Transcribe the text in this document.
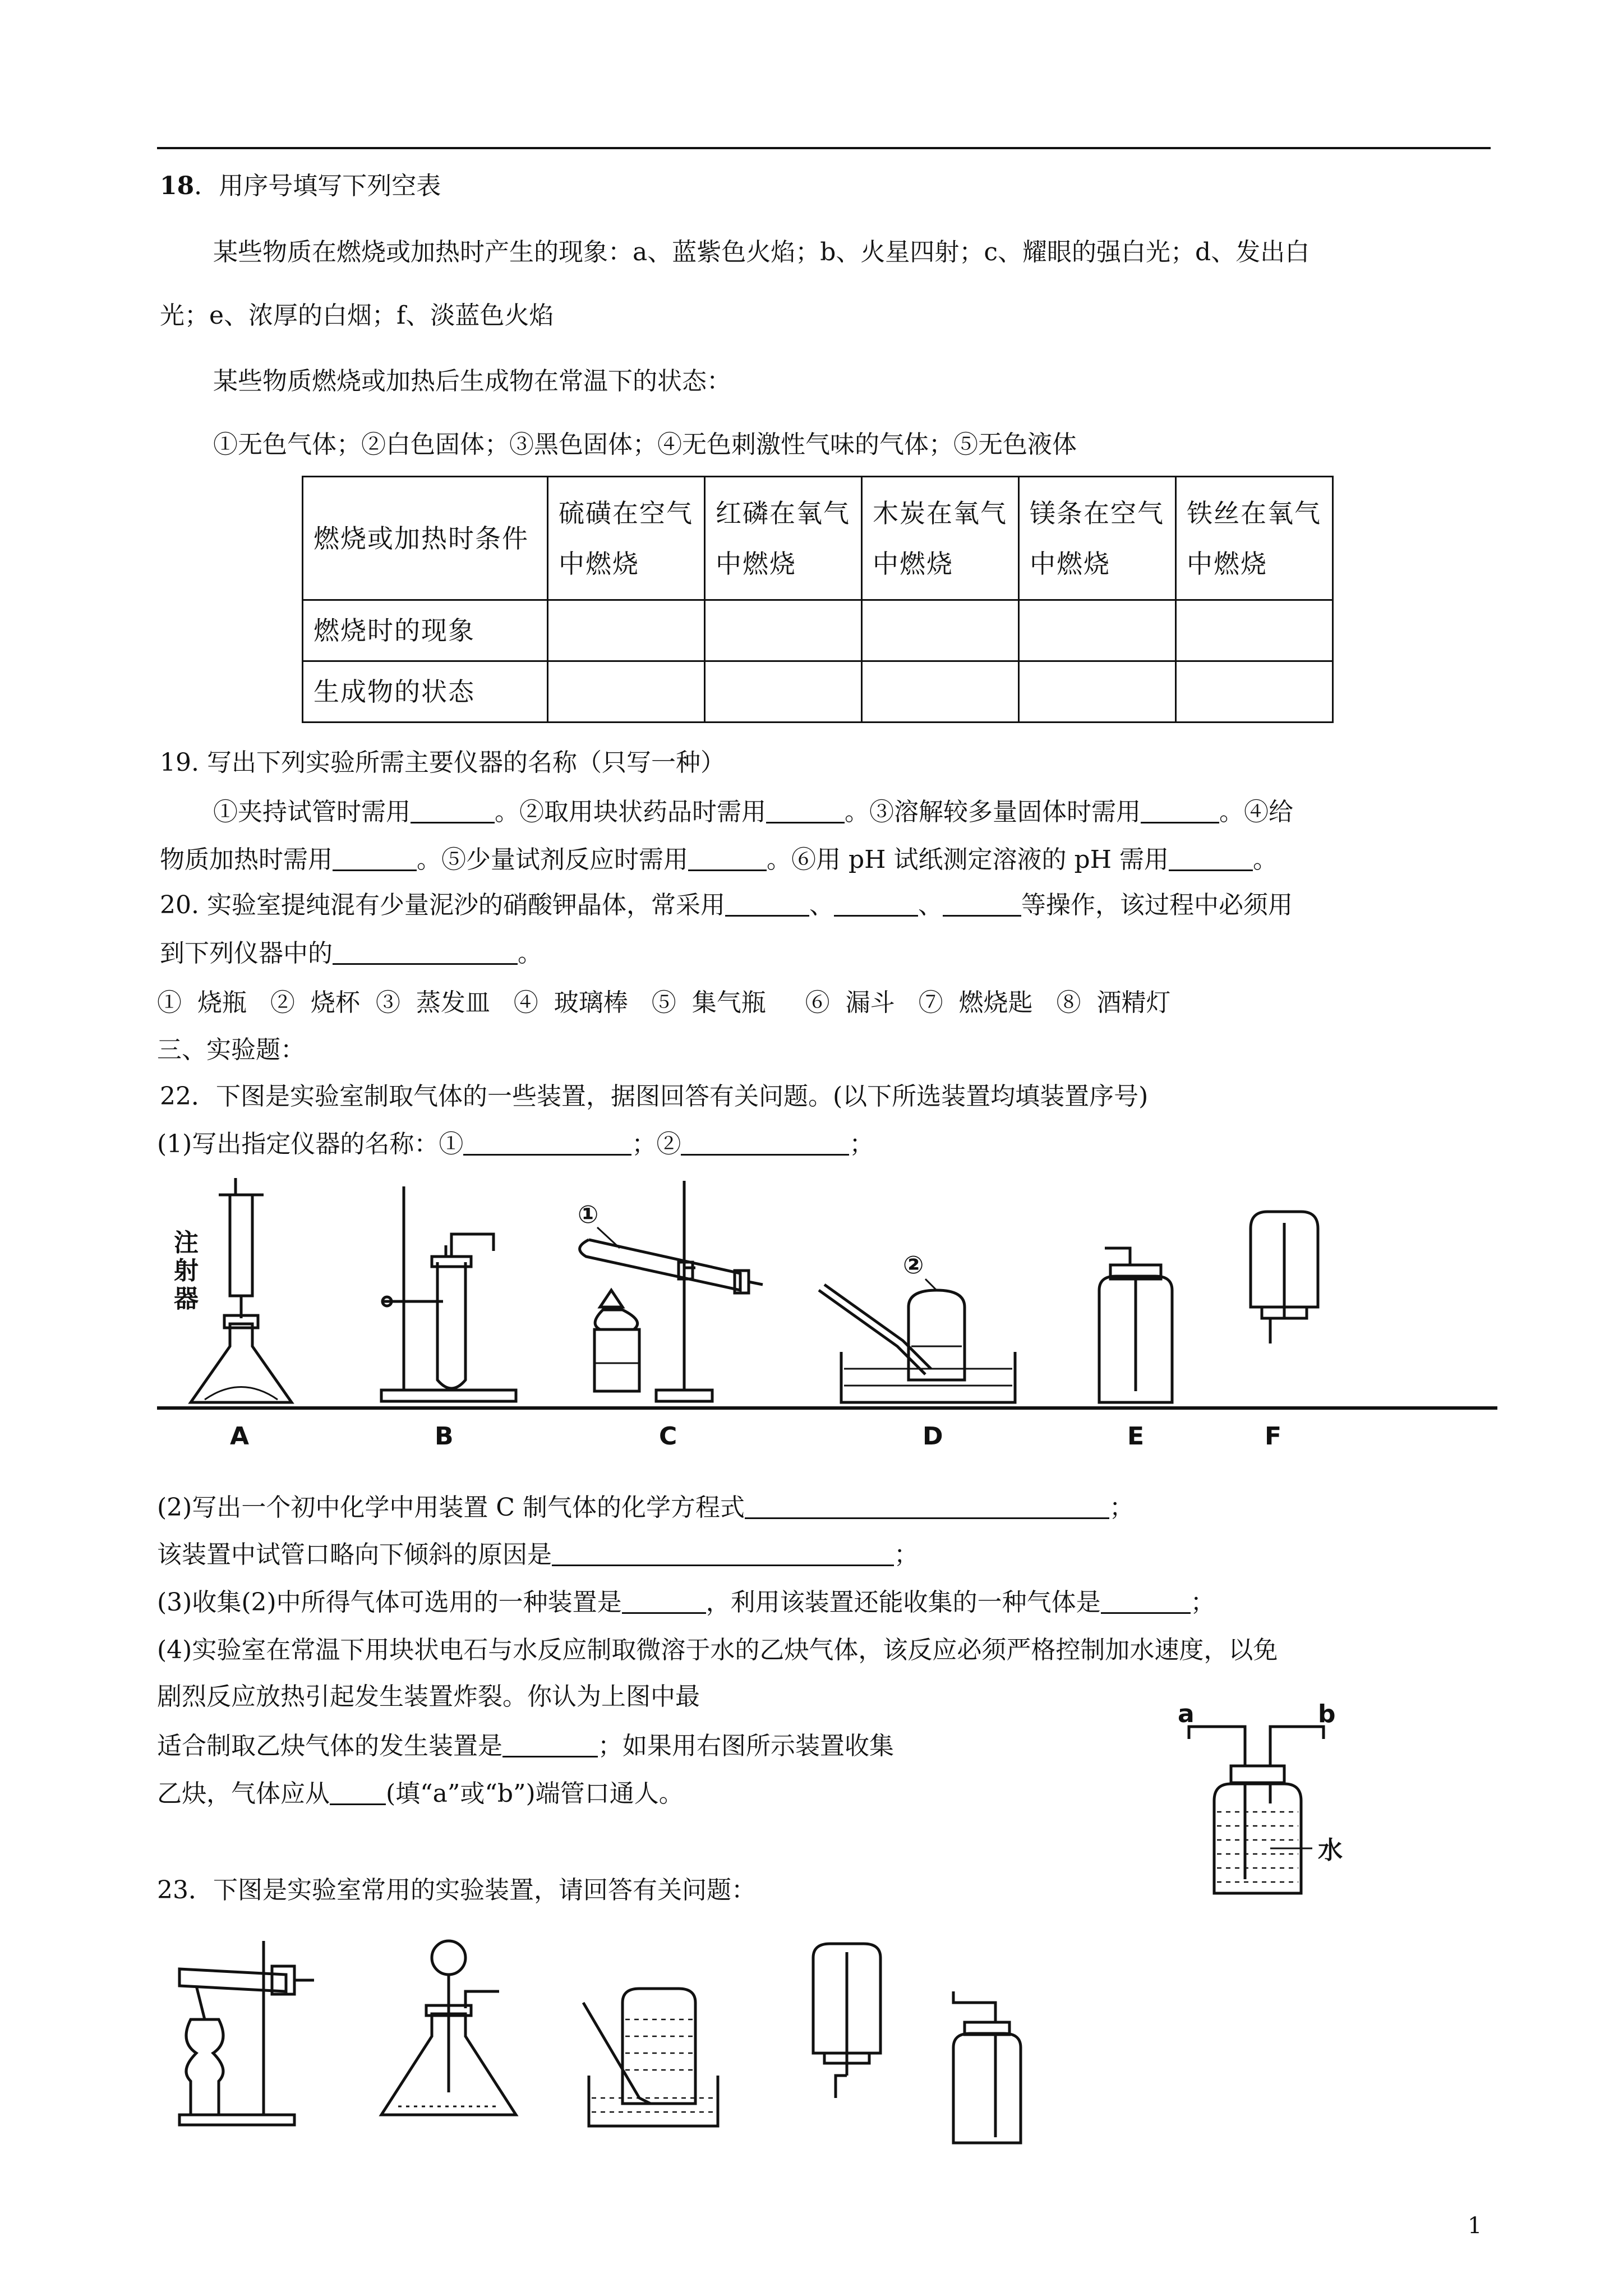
18．用序号填写下列空表
某些物质在燃烧或加热时产生的现象：a、蓝紫色火焰；b、火星四射；c、耀眼的强白光；d、发出白
光；e、浓厚的白烟；f、淡蓝色火焰
某些物质燃烧或加热后生成物在常温下的状态：
①无色气体；②白色固体；③黑色固体；④无色刺激性气味的气体；⑤无色液体
燃烧或加热时条件	硫磺在空气中燃烧	红磷在氧气中燃烧	木炭在氧气中燃烧	镁条在空气中燃烧	铁丝在氧气中燃烧
燃烧时的现象					
生成物的状态					
19. 写出下列实验所需主要仪器的名称（只写一种）
①夹持试管时需用	。②取用块状药品时需用	。③溶解较多量固体时需用	。④给
物质加热时需用	。⑤少量试剂反应时需用	。⑥用 pH 试纸测定溶液的 pH 需用	。
20. 实验室提纯混有少量泥沙的硝酸钾晶体，常采用	、	、	等操作，该过程中必须用
到下列仪器中的	。
①  烧瓶   ②  烧杯  ③  蒸发皿   ④  玻璃棒   ⑤  集气瓶     ⑥  漏斗   ⑦  燃烧匙   ⑧  酒精灯
三、实验题：
22．下图是实验室制取气体的一些装置，据图回答有关问题。(以下所选装置均填装置序号)
(1)写出指定仪器的名称：①	；②	；
注
射
器
①
②
A	B	C	D	E	F
(2)写出一个初中化学中用装置 C 制气体的化学方程式	；
该装置中试管口略向下倾斜的原因是	；
(3)收集(2)中所得气体可选用的一种装置是	，利用该装置还能收集的一种气体是	；
(4)实验室在常温下用块状电石与水反应制取微溶于水的乙炔气体，该反应必须严格控制加水速度，以免
剧烈反应放热引起发生装置炸裂。你认为上图中最
适合制取乙炔气体的发生装置是	；如果用右图所示装置收集
乙炔，气体应从 (填“a”或“b”)端管口通人。
a	b
水
23．下图是实验室常用的实验装置，请回答有关问题：
1
